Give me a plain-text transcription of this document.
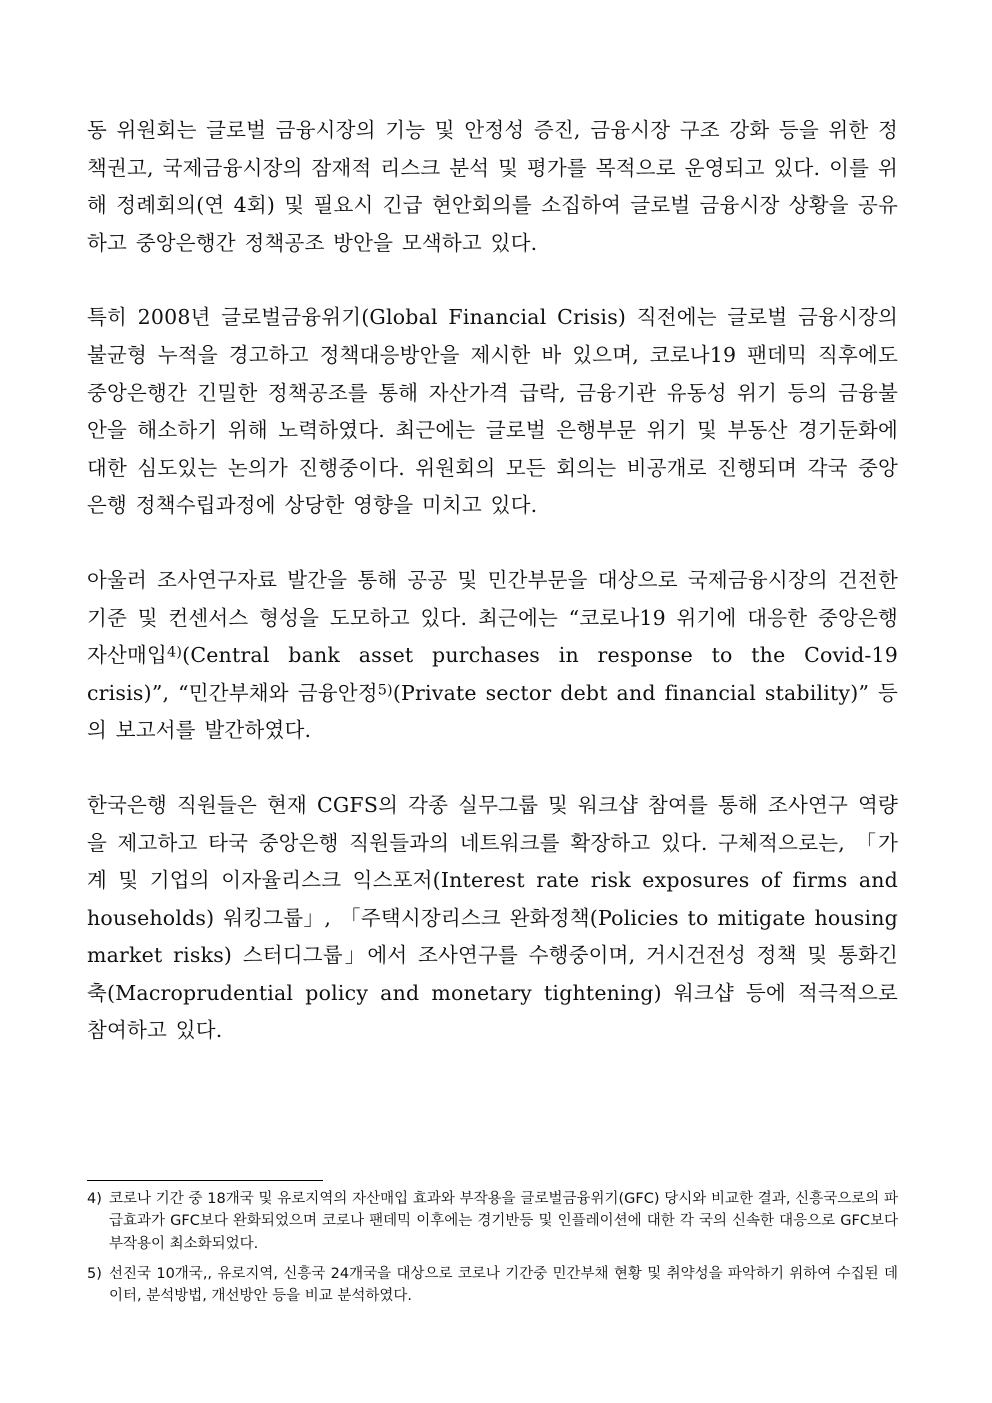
동 위원회는 글로벌 금융시장의 기능 및 안정성 증진, 금융시장 구조 강화 등을 위한 정책권고, 국제금융시장의 잠재적 리스크 분석 및 평가를 목적으로 운영되고 있다. 이를 위해 정례회의(연 4회) 및 필요시 긴급 현안회의를 소집하여 글로벌 금융시장 상황을 공유하고 중앙은행간 정책공조 방안을 모색하고 있다.

특히 2008년 글로벌금융위기(Global Financial Crisis) 직전에는 글로벌 금융시장의 불균형 누적을 경고하고 정책대응방안을 제시한 바 있으며, 코로나19 팬데믹 직후에도 중앙은행간 긴밀한 정책공조를 통해 자산가격 급락, 금융기관 유동성 위기 등의 금융불안을 해소하기 위해 노력하였다. 최근에는 글로벌 은행부문 위기 및 부동산 경기둔화에 대한 심도있는 논의가 진행중이다. 위원회의 모든 회의는 비공개로 진행되며 각국 중앙은행 정책수립과정에 상당한 영향을 미치고 있다.

아울러 조사연구자료 발간을 통해 공공 및 민간부문을 대상으로 국제금융시장의 건전한 기준 및 컨센서스 형성을 도모하고 있다. 최근에는 “코로나19 위기에 대응한 중앙은행 자산매입$^{4)}$(Central bank asset purchases in response to the Covid-19 crisis)”, “민간부채와 금융안정$^{5)}$(Private sector debt and financial stability)” 등의 보고서를 발간하였다.

한국은행 직원들은 현재 CGFS의 각종 실무그룹 및 워크샵 참여를 통해 조사연구 역량을 제고하고 타국 중앙은행 직원들과의 네트워크를 확장하고 있다. 구체적으로는, 「가계 및 기업의 이자율리스크 익스포저(Interest rate risk exposures of firms and households) 워킹그룹」, 「주택시장리스크 완화정책(Policies to mitigate housing market risks) 스터디그룹」에서 조사연구를 수행중이며, 거시건전성 정책 및 통화긴축(Macroprudential policy and monetary tightening) 워크샵 등에 적극적으로 참여하고 있다.

4) 코로나 기간 중 18개국 및 유로지역의 자산매입 효과와 부작용을 글로벌금융위기(GFC) 당시와 비교한 결과, 신흥국으로의 파급효과가 GFC보다 완화되었으며 코로나 팬데믹 이후에는 경기반등 및 인플레이션에 대한 각 국의 신속한 대응으로 GFC보다 부작용이 최소화되었다.
5) 선진국 10개국,, 유로지역, 신흥국 24개국을 대상으로 코로나 기간중 민간부채 현황 및 취약성을 파악하기 위하여 수집된 데이터, 분석방법, 개선방안 등을 비교 분석하였다.
